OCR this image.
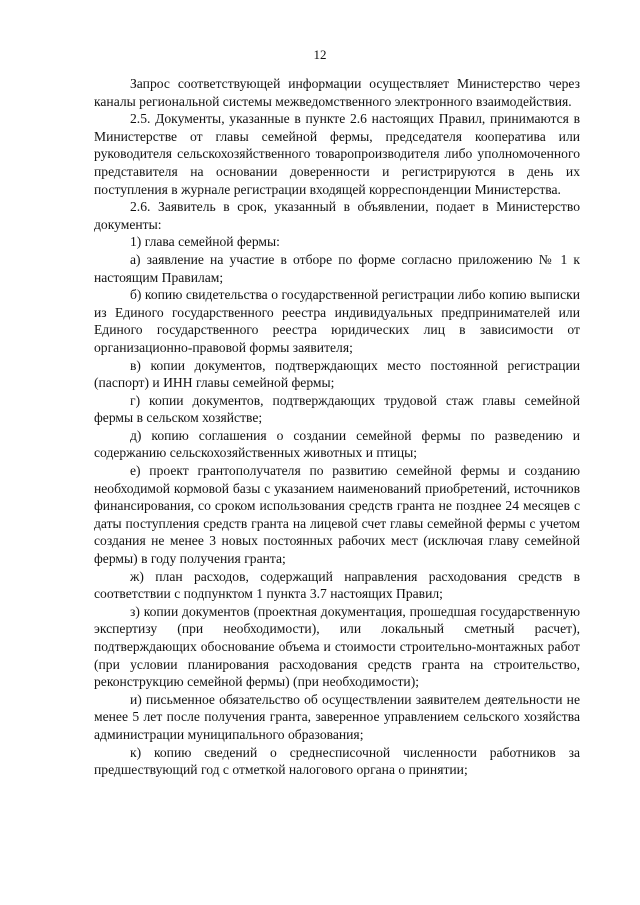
12

Запрос соответствующей информации осуществляет Министерство через каналы региональной системы межведомственного электронного взаимодействия.

2.5. Документы, указанные в пункте 2.6 настоящих Правил, принимаются в Министерстве от главы семейной фермы, председателя кооператива или руководителя сельскохозяйственного товаропроизводителя либо уполномоченного представителя на основании доверенности и регистрируются в день их поступления в журнале регистрации входящей корреспонденции Министерства.

2.6. Заявитель в срок, указанный в объявлении, подает в Министерство документы:

1) глава семейной фермы:

а) заявление на участие в отборе по форме согласно приложению № 1 к настоящим Правилам;

б) копию свидетельства о государственной регистрации либо копию выписки из Единого государственного реестра индивидуальных предпринимателей или Единого государственного реестра юридических лиц в зависимости от организационно-правовой формы заявителя;

в) копии документов, подтверждающих место постоянной регистрации (паспорт) и ИНН главы семейной фермы;

г) копии документов, подтверждающих трудовой стаж главы семейной фермы в сельском хозяйстве;

д) копию соглашения о создании семейной фермы по разведению и содержанию сельскохозяйственных животных и птицы;

е) проект грантополучателя по развитию семейной фермы и созданию необходимой кормовой базы с указанием наименований приобретений, источников финансирования, со сроком использования средств гранта не позднее 24 месяцев с даты поступления средств гранта на лицевой счет главы семейной фермы с учетом создания не менее 3 новых постоянных рабочих мест (исключая главу семейной фермы) в году получения гранта;

ж) план расходов, содержащий направления расходования средств в соответствии с подпунктом 1 пункта 3.7 настоящих Правил;

з) копии документов (проектная документация, прошедшая государственную экспертизу (при необходимости), или локальный сметный расчет), подтверждающих обоснование объема и стоимости строительно-монтажных работ (при условии планирования расходования средств гранта на строительство, реконструкцию семейной фермы) (при необходимости);

и) письменное обязательство об осуществлении заявителем деятельности не менее 5 лет после получения гранта, заверенное управлением сельского хозяйства администрации муниципального образования;

к) копию сведений о среднесписочной численности работников за предшествующий год с отметкой налогового органа о принятии;
